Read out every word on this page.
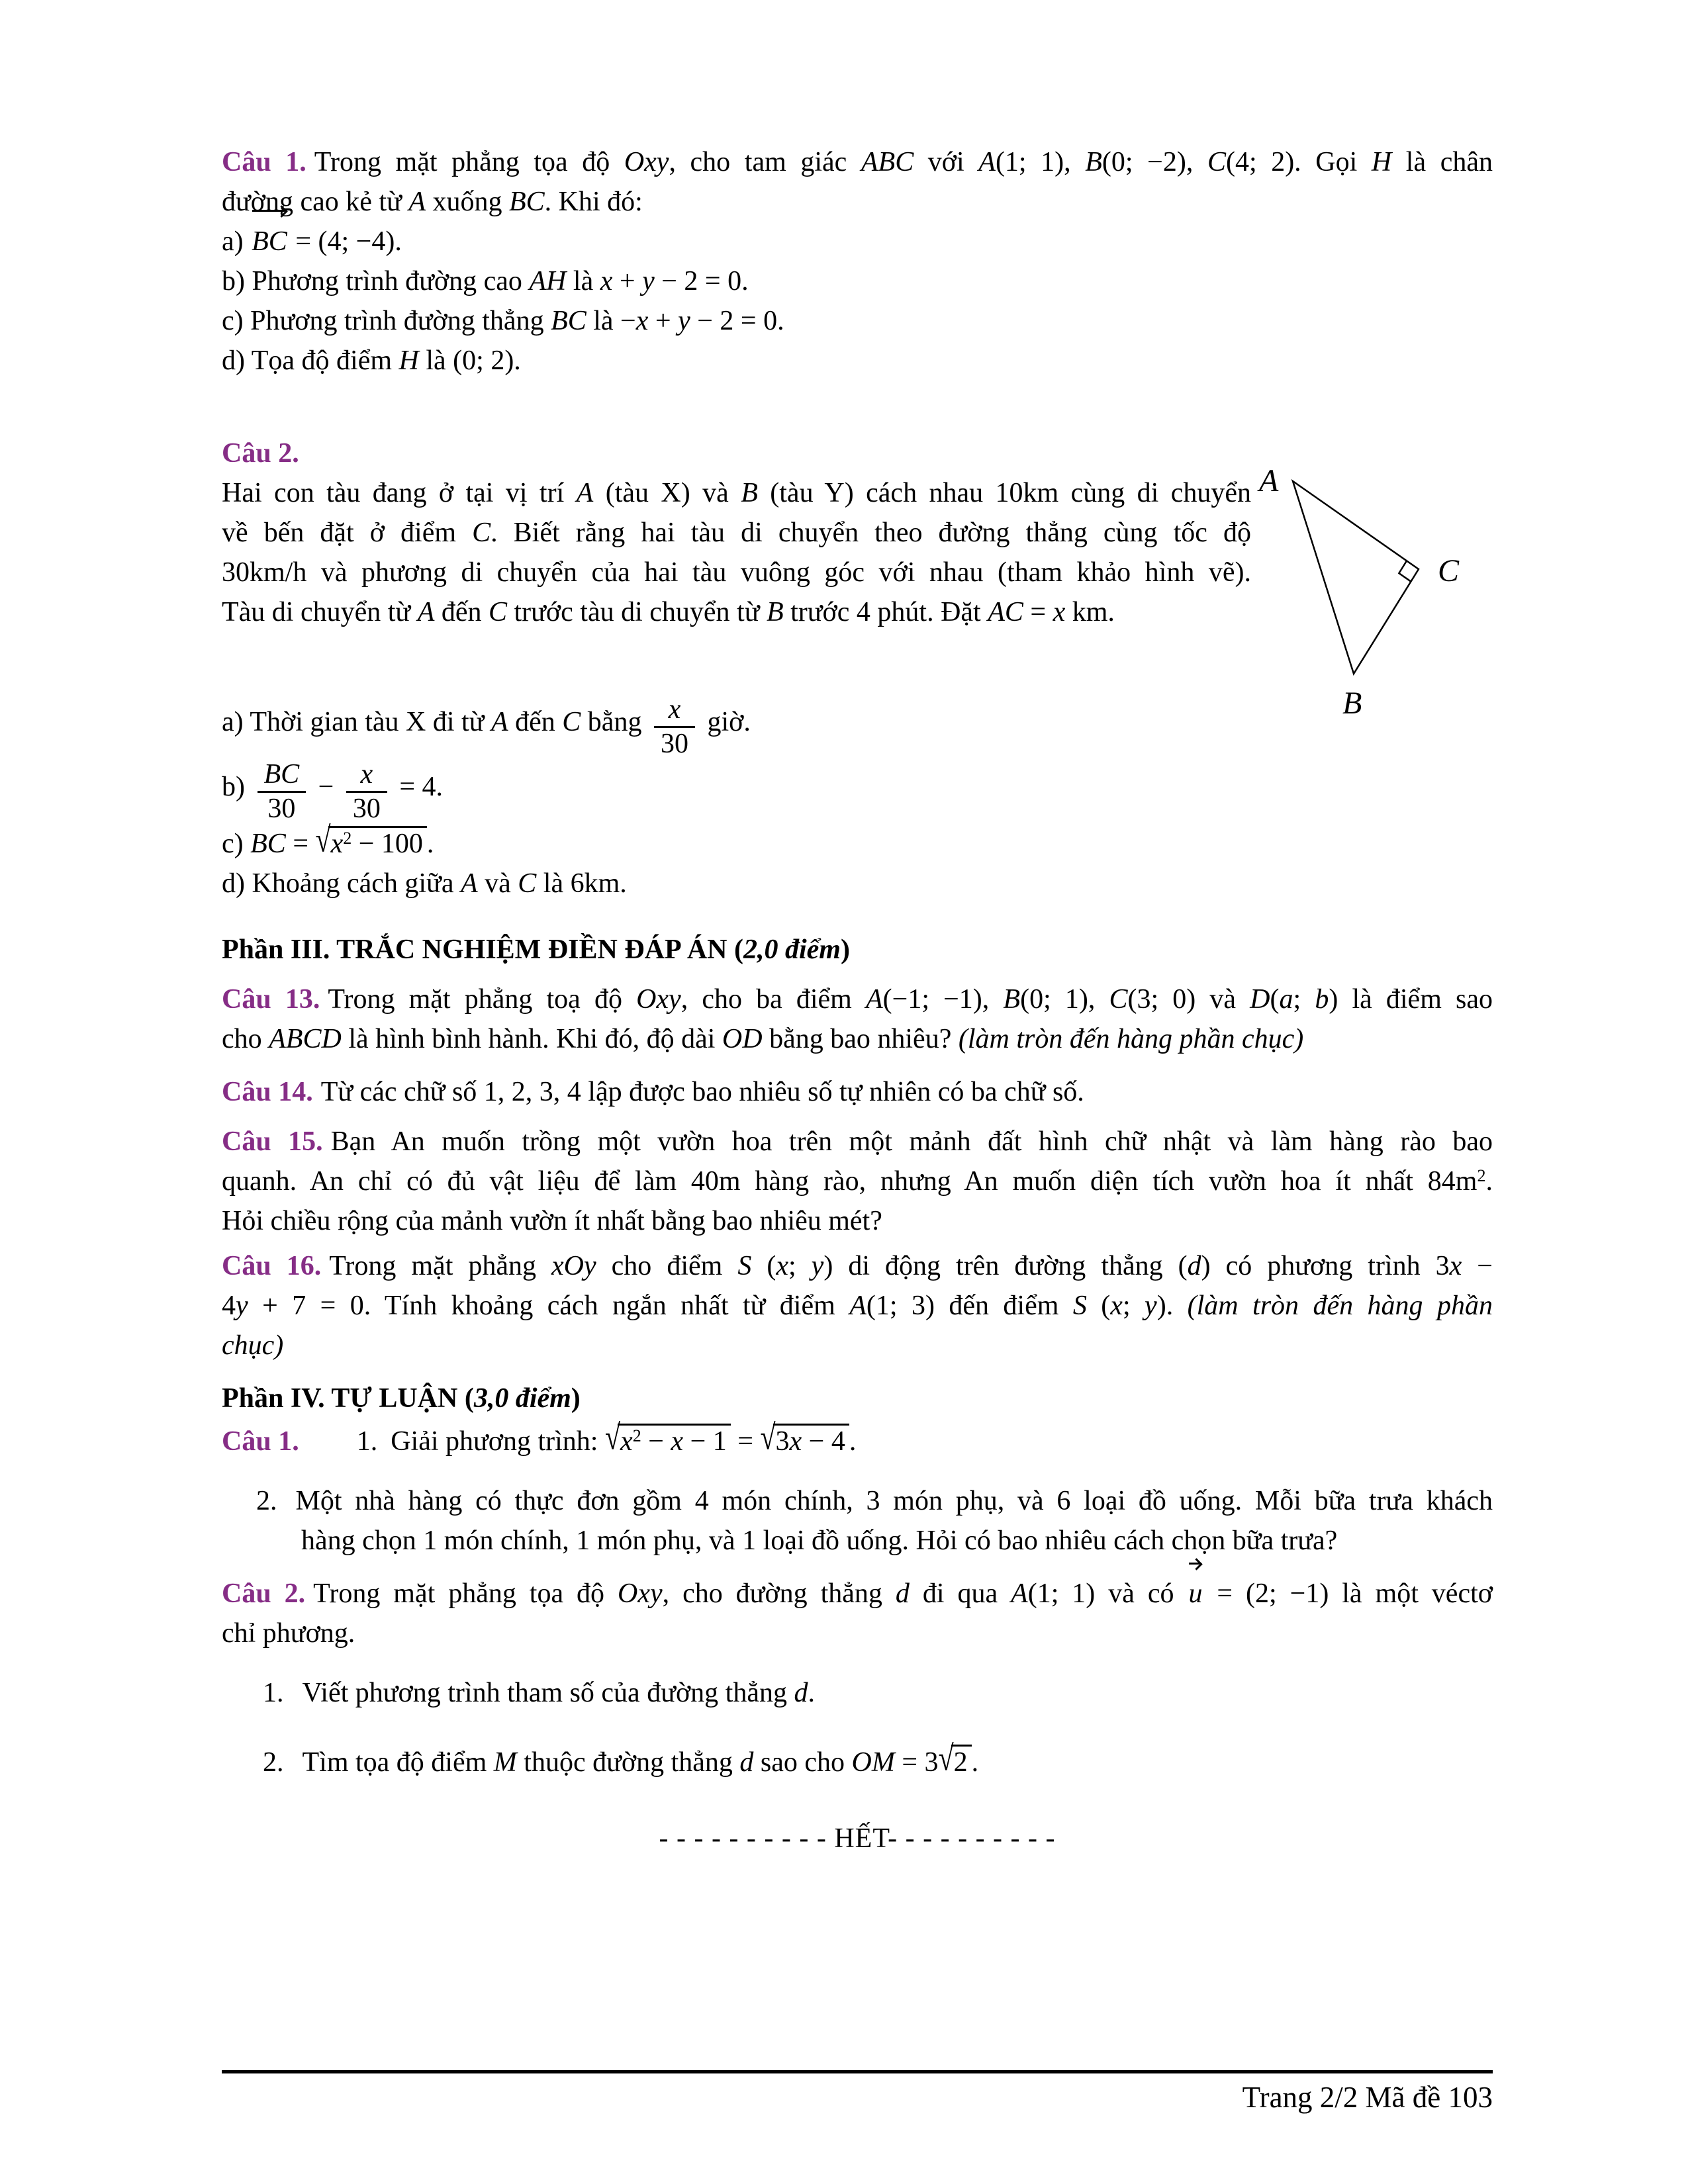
Câu 1. Trong mặt phẳng tọa độ Oxy, cho tam giác ABC với A(1; 1), B(0; −2), C(4; 2). Gọi H là chân
đường cao kẻ từ A xuống BC. Khi đó:
a)
BC = (4; −4).
b) Phương trình đường cao AH là x + y − 2 = 0.
c) Phương trình đường thẳng BC là −x + y − 2 = 0.
d) Tọa độ điểm H là (0; 2).
Câu 2.
Hai con tàu đang ở tại vị trí A (tàu X) và B (tàu Y) cách nhau 10km cùng di chuyển
về bến đặt ở điểm C. Biết rằng hai tàu di chuyển theo đường thẳng cùng tốc độ
30km/h và phương di chuyển của hai tàu vuông góc với nhau (tham khảo hình vẽ).
Tàu di chuyển từ A đến C trước tàu di chuyển từ B trước 4 phút. Đặt AC = x km.
a) Thời gian tàu X đi từ A đến C bằng $\frac{x}{30}$ giờ.
$b) \frac{BC}{30} - \frac{x}{30} = 4$.
c) BC = $√x^2 - 100$ .
d) Khoảng cách giữa A và C là 6km.
A
C
B
Phần III. TRẮC NGHIỆM ĐIỀN ĐÁP ÁN (2,0 điểm)
Câu 13. Trong mặt phẳng toạ độ Oxy, cho ba điểm A(−1; −1), B(0; 1), C(3; 0) và D(a; b) là điểm sao
cho ABCD là hình bình hành. Khi đó, độ dài OD bằng bao nhiêu? (làm tròn đến hàng phần chục)
Câu 14. Từ các chữ số 1, 2, 3, 4 lập được bao nhiêu số tự nhiên có ba chữ số.
Câu 15. Bạn An muốn trồng một vườn hoa trên một mảnh đất hình chữ nhật và làm hàng rào bao
quanh. An chỉ có đủ vật liệu để làm 40m hàng rào, nhưng An muốn diện tích vườn hoa ít nhất $84m^2$.
Hỏi chiều rộng của mảnh vườn ít nhất bằng bao nhiêu mét?
Câu 16. Trong mặt phẳng xOy cho điểm S (x; y) di động trên đường thẳng (d) có phương trình 3x −
4y + 7 = 0. Tính khoảng cách ngắn nhất từ điểm A(1; 3) đến điểm S (x; y). (làm tròn đến hàng phần
chục)
Phần IV. TỰ LUẬN (3,0 điểm)
Câu 1. 1. Giải phương trình: $√x^2 - x - 1 = √3x - 4$ .
2. Một nhà hàng có thực đơn gồm 4 món chính, 3 món phụ, và 6 loại đồ uống. Mỗi bữa trưa khách
hàng chọn 1 món chính, 1 món phụ, và 1 loại đồ uống. Hỏi có bao nhiêu cách chọn bữa trưa?
Câu 2. Trong mặt phẳng tọa độ Oxy, cho đường thẳng d đi qua A(1; 1) và có
u = (2; −1) là một véctơ
chỉ phương.
1. Viết phương trình tham số của đường thẳng d.
2. Tìm tọa độ điểm M thuộc đường thẳng d sao cho OM = 3√2 .
- - - - - - - - - - HẾT- - - - - - - - - -
Trang 2/2 Mã đề 103
